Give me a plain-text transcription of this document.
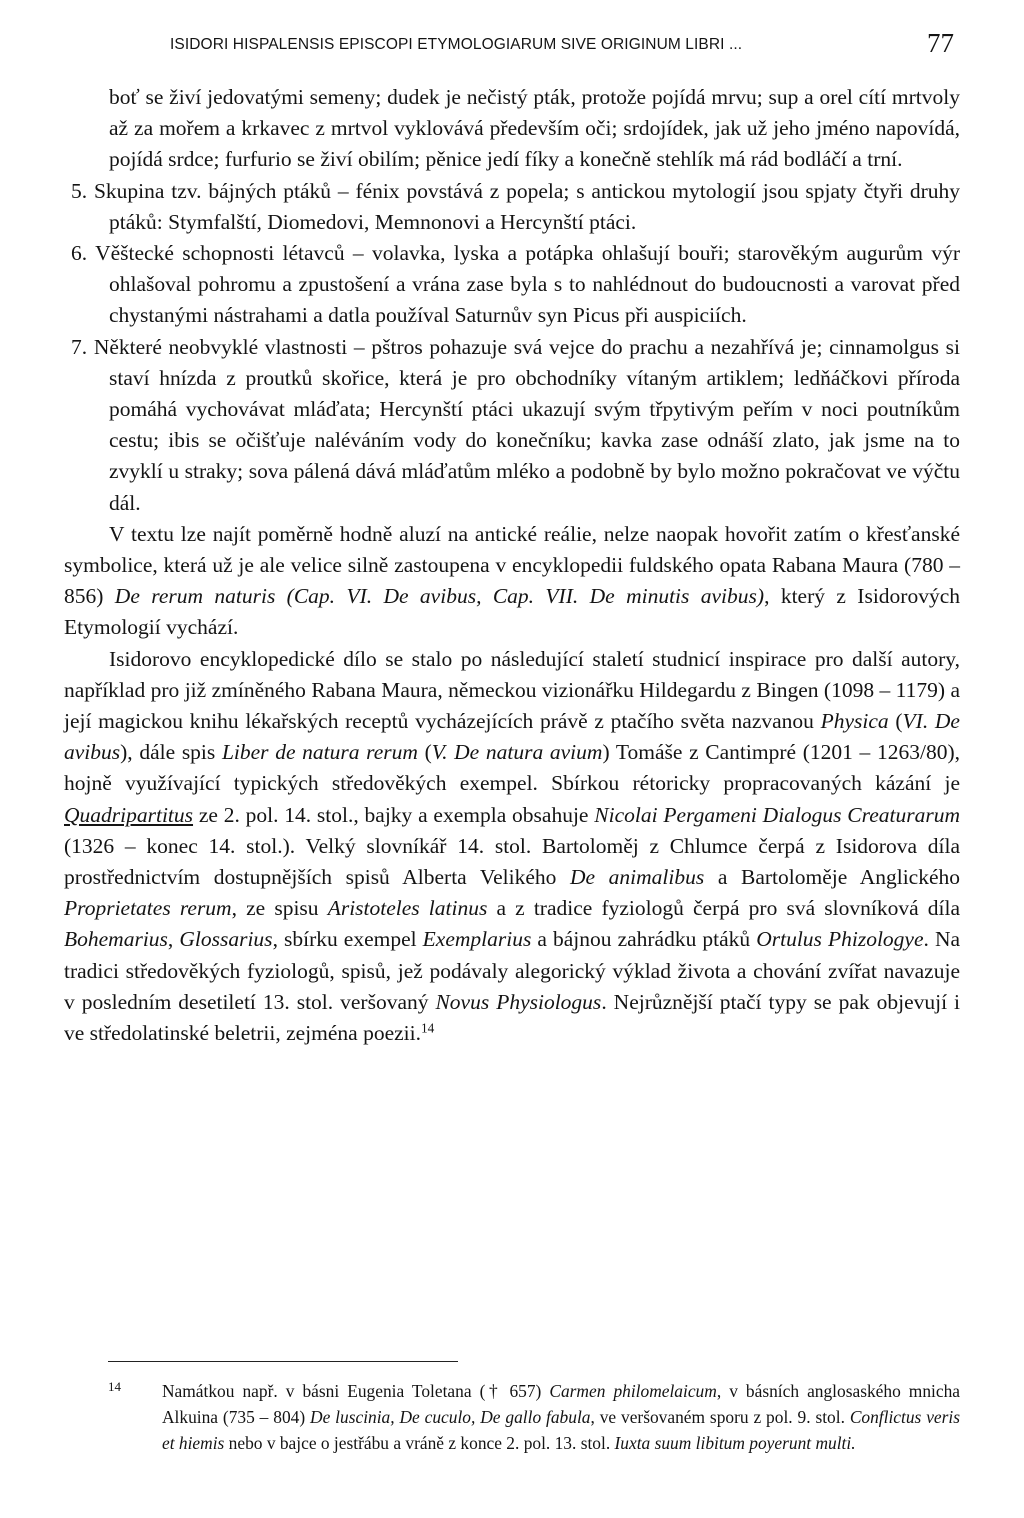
ISIDORI HISPALENSIS EPISCOPI ETYMOLOGIARUM SIVE ORIGINUM LIBRI ...	77

boť se živí jedovatými semeny; dudek je nečistý pták, protože pojídá mrvu; sup a orel cítí mrtvoly až za mořem a krkavec z mrtvol vyklovává především oči; srdojídek, jak už jeho jméno napovídá, pojídá srdce; furfurio se živí obilím; pěnice jedí fíky a konečně stehlík má rád bodláčí a trní.

5. Skupina tzv. bájných ptáků – fénix povstává z popela; s antickou mytologií jsou spjaty čtyři druhy ptáků: Stymfalští, Diomedovi, Memnonovi a Hercynští ptáci.

6. Věštecké schopnosti létavců – volavka, lyska a potápka ohlašují bouři; starověkým augurům výr ohlašoval pohromu a zpustošení a vrána zase byla s to nahlédnout do budoucnosti a varovat před chystanými nástrahami a datla používal Saturnův syn Picus při auspiciích.

7. Některé neobvyklé vlastnosti – pštros pohazuje svá vejce do prachu a nezahřívá je; cinnamolgus si staví hnízda z proutků skořice, která je pro obchodníky vítaným artiklem; ledňáčkovi příroda pomáhá vychovávat mláďata; Hercynští ptáci ukazují svým třpytivým peřím v noci poutníkům cestu; ibis se očišťuje naléváním vody do konečníku; kavka zase odnáší zlato, jak jsme na to zvyklí u straky; sova pálená dává mláďatům mléko a podobně by bylo možno pokračovat ve výčtu dál.

V textu lze najít poměrně hodně aluzí na antické reálie, nelze naopak hovořit zatím o křesťanské symbolice, která už je ale velice silně zastoupena v encyklopedii fuldského opata Rabana Maura (780 – 856) De rerum naturis (Cap. VI. De avibus, Cap. VII. De minutis avibus), který z Isidorových Etymologií vychází.

Isidorovo encyklopedické dílo se stalo po následující staletí studnicí inspirace pro další autory, například pro již zmíněného Rabana Maura, německou vizionářku Hildegardu z Bingen (1098 – 1179) a její magickou knihu lékařských receptů vycházejících právě z ptačího světa nazvanou Physica (VI. De avibus), dále spis Liber de natura rerum (V. De natura avium) Tomáše z Cantimpré (1201 – 1263/80), hojně využívající typických středověkých exempel. Sbírkou rétoricky propracovaných kázání je Quadripartitus ze 2. pol. 14. stol., bajky a exempla obsahuje Nicolai Pergameni Dialogus Creaturarum (1326 – konec 14. stol.). Velký slovníkář 14. stol. Bartoloměj z Chlumce čerpá z Isidorova díla prostřednictvím dostupnějších spisů Alberta Velikého De animalibus a Bartoloměje Anglického Proprietates rerum, ze spisu Aristoteles latinus a z tradice fyziologů čerpá pro svá slovníková díla Bohemarius, Glossarius, sbírku exempel Exemplarius a bájnou zahrádku ptáků Ortulus Phizologye. Na tradici středověkých fyziologů, spisů, jež podávaly alegorický výklad života a chování zvířat navazuje v posledním desetiletí 13. stol. veršovaný Novus Physiologus. Nejrůznější ptačí typy se pak objevují i ve středolatinské beletrii, zejména poezii.$^{14}$

14	Namátkou např. v básni Eugenia Toletana († 657) Carmen philomelaicum, v básních anglosaského mnicha Alkuina (735 – 804) De luscinia, De cuculo, De gallo fabula, ve veršovaném sporu z pol. 9. stol. Conflictus veris et hiemis nebo v bajce o jestřábu a vráně z konce 2. pol. 13. stol. Iuxta suum libitum poyerunt multi.
